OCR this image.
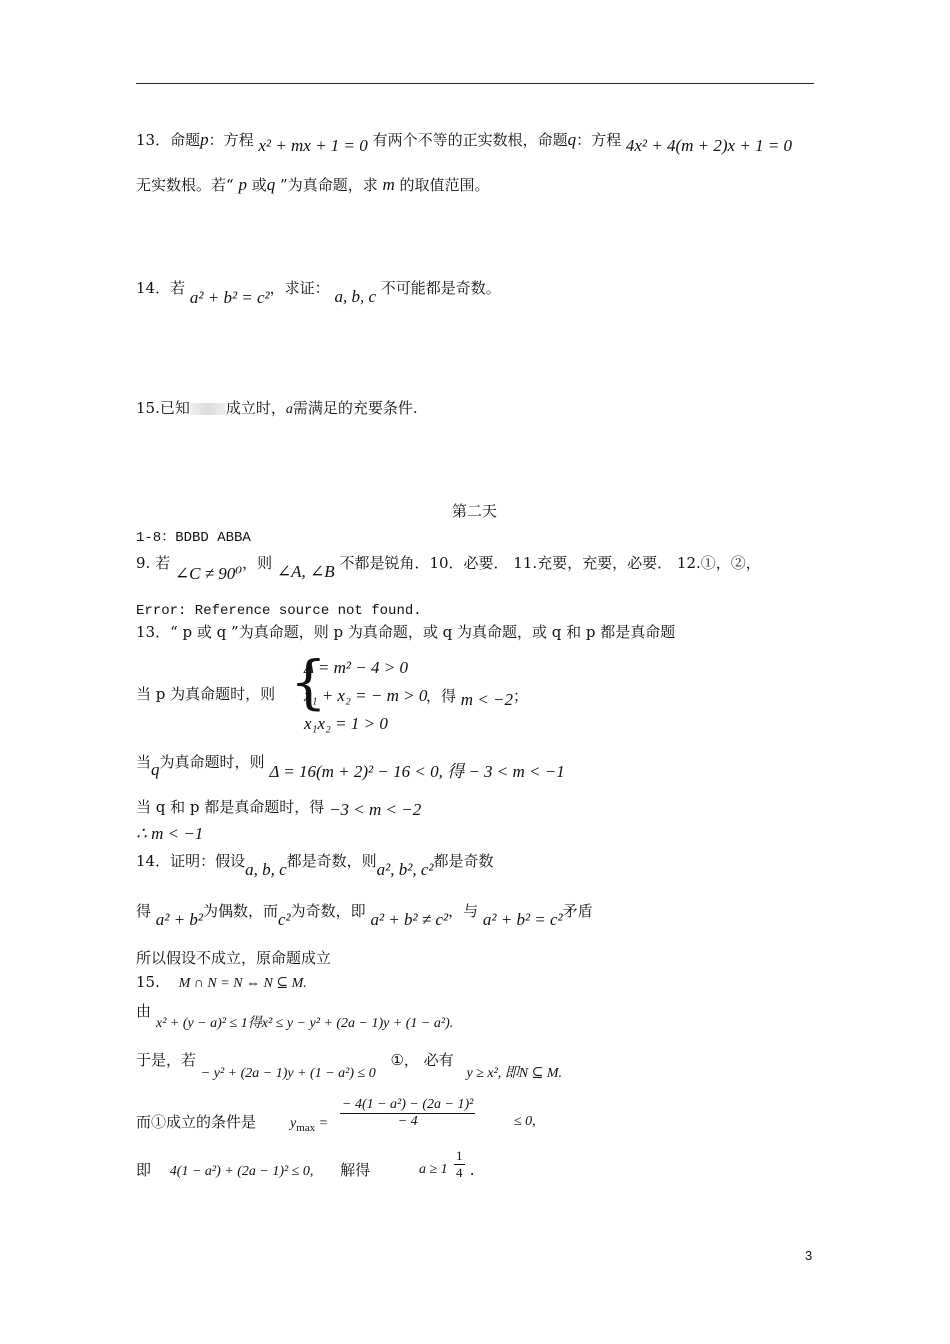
13．命题p：方程 x² + mx + 1 = 0 有两个不等的正实数根，命题q：方程 4x² + 4(m + 2)x + 1 = 0
无实数根。若“ p 或q ”为真命题，求 m 的取值范围。
14．若 a² + b² = c²，求证： a, b, c 不可能都是奇数。
15.已知 成立时，a需满足的充要条件.
第二天
1-8：BDBD ABBA
9. 若 ∠C ≠ 90⁰，则 ∠A, ∠B 不都是锐角．10．必要． 11.充要，充要，必要． 12.①，②，
Error: Reference source not found.
13．“ p 或 q ”为真命题，则 p 为真命题，或 q 为真命题，或 q 和 p 都是真命题
当 p 为真命题时，则 {
Δ = m² − 4 > 0
x₁ + x₂ = − m > 0
x₁x₂ = 1 > 0
，得 m < −2；
当q为真命题时，则 Δ = 16(m + 2)² − 16 < 0, 得 − 3 < m < −1
当 q 和 p 都是真命题时，得 −3 < m < −2
∴ m < −1
14．证明：假设a, b, c都是奇数，则a², b², c²都是奇数
得 a² + b²为偶数，而c²为奇数，即 a² + b² ≠ c²，与 a² + b² = c²矛盾
所以假设不成立，原命题成立
15. M ∩ N = N ⇔ N ⊆ M.
由
x² + (y − a)² ≤ 1得x² ≤ y − y² + (2a − 1)y + (1 − a²).
于是，若 − y² + (2a − 1)y + (1 − a²) ≤ 0 ①， 必有 y ≥ x², 即N ⊆ M.
而①成立的条件是 $y_{max} = \frac{\text{− 4(1 − a²) − (2a − 1)²}}{- 4}$	≤ 0,
即 4(1 − a²) + (2a − 1)² ≤ 0, 解得	$a \ge 1 \frac{1}{4}$ .
3
